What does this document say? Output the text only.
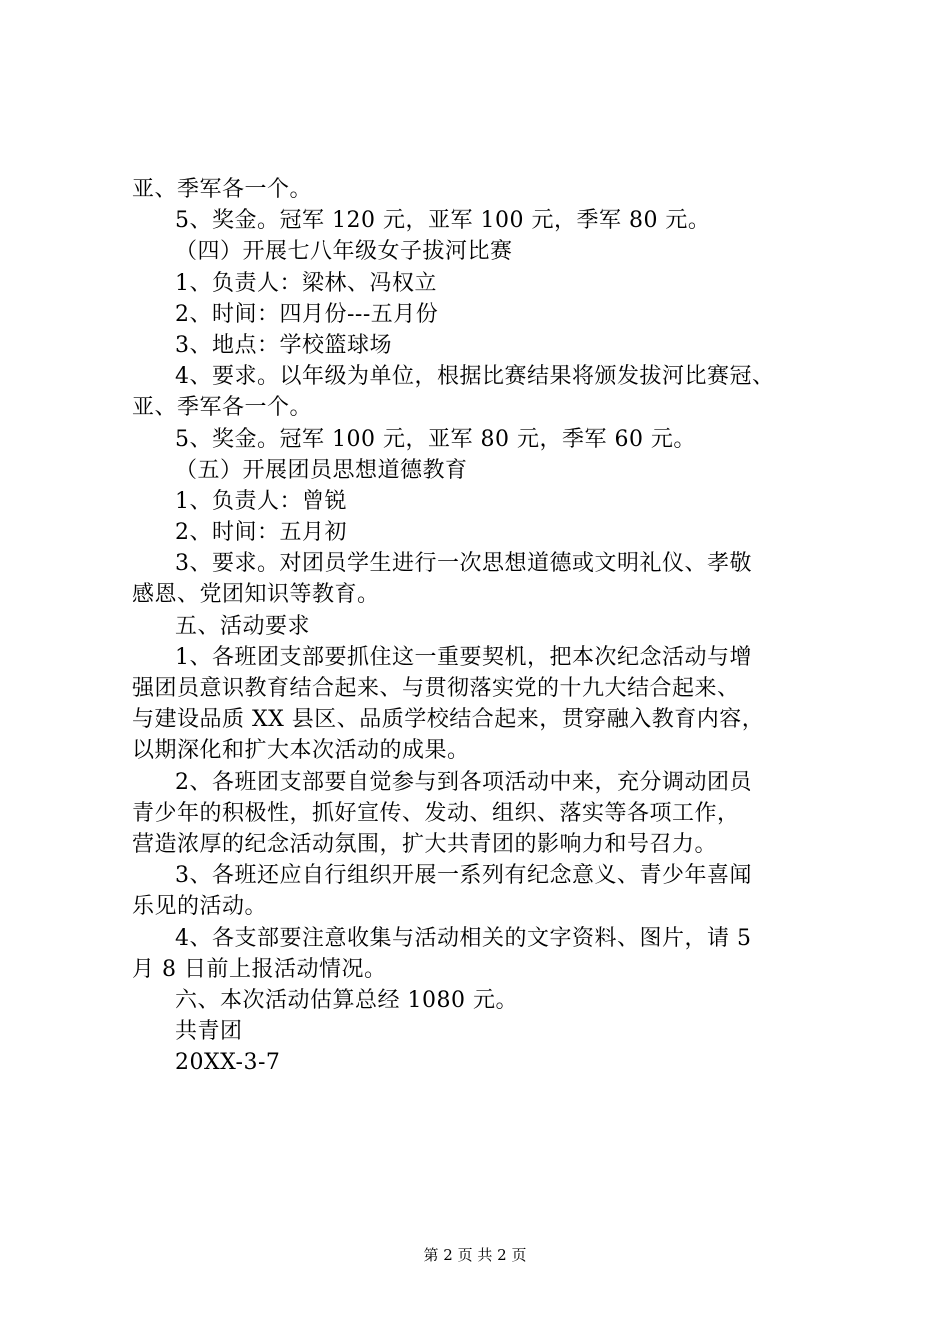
亚、季军各一个。
5、奖金。冠军 120 元，亚军 100 元，季军 80 元。
（四）开展七八年级女子拔河比赛
1、负责人：梁林、冯权立
2、时间：四月份---五月份
3、地点：学校篮球场
4、要求。以年级为单位，根据比赛结果将颁发拔河比赛冠、
亚、季军各一个。
5、奖金。冠军 100 元，亚军 80 元，季军 60 元。
（五）开展团员思想道德教育
1、负责人：曾锐
2、时间：五月初
3、要求。对团员学生进行一次思想道德或文明礼仪、孝敬
感恩、党团知识等教育。
五、活动要求
1、各班团支部要抓住这一重要契机，把本次纪念活动与增
强团员意识教育结合起来、与贯彻落实党的十九大结合起来、
与建设品质 XX 县区、品质学校结合起来，贯穿融入教育内容，
以期深化和扩大本次活动的成果。
2、各班团支部要自觉参与到各项活动中来，充分调动团员
青少年的积极性，抓好宣传、发动、组织、落实等各项工作，
营造浓厚的纪念活动氛围，扩大共青团的影响力和号召力。
3、各班还应自行组织开展一系列有纪念意义、青少年喜闻
乐见的活动。
4、各支部要注意收集与活动相关的文字资料、图片，请 5
月 8 日前上报活动情况。
六、本次活动估算总经 1080 元。
共青团
20XX-3-7
第 2 页 共 2 页
